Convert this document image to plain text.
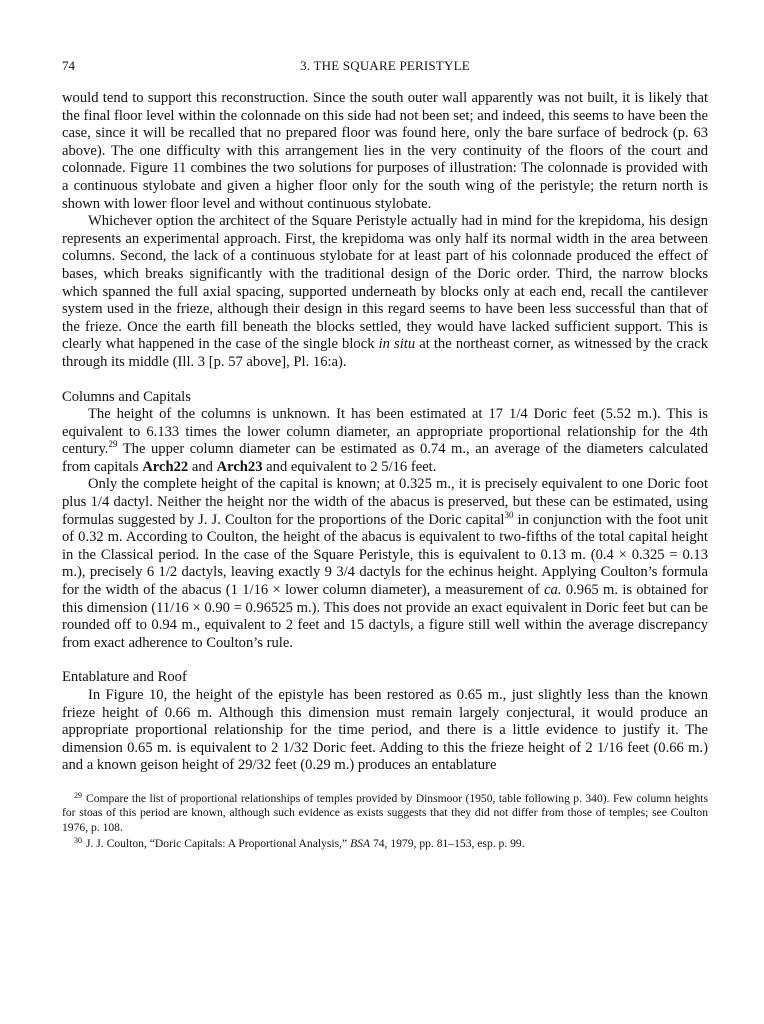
74	3. THE SQUARE PERISTYLE

would tend to support this reconstruction. Since the south outer wall apparently was not built, it is likely that the final floor level within the colonnade on this side had not been set; and indeed, this seems to have been the case, since it will be recalled that no prepared floor was found here, only the bare surface of bedrock (p. 63 above). The one difficulty with this arrangement lies in the very continuity of the floors of the court and colonnade. Figure 11 combines the two solutions for purposes of illustration: The colonnade is provided with a continuous stylobate and given a higher floor only for the south wing of the peristyle; the return north is shown with lower floor level and without continuous stylobate.

Whichever option the architect of the Square Peristyle actually had in mind for the krepidoma, his design represents an experimental approach. First, the krepidoma was only half its normal width in the area between columns. Second, the lack of a continuous stylobate for at least part of his colonnade produced the effect of bases, which breaks significantly with the traditional design of the Doric order. Third, the narrow blocks which spanned the full axial spacing, supported underneath by blocks only at each end, recall the cantilever system used in the frieze, although their design in this regard seems to have been less successful than that of the frieze. Once the earth fill beneath the blocks settled, they would have lacked sufficient support. This is clearly what happened in the case of the single block in situ at the northeast corner, as witnessed by the crack through its middle (Ill. 3 [p. 57 above], Pl. 16:a).

Columns and Capitals

The height of the columns is unknown. It has been estimated at 17 1/4 Doric feet (5.52 m.). This is equivalent to 6.133 times the lower column diameter, an appropriate proportional relationship for the 4th century.$^{29}$ The upper column diameter can be estimated as 0.74 m., an average of the diameters calculated from capitals Arch22 and Arch23 and equivalent to 2 5/16 feet.

Only the complete height of the capital is known; at 0.325 m., it is precisely equivalent to one Doric foot plus 1/4 dactyl. Neither the height nor the width of the abacus is preserved, but these can be estimated, using formulas suggested by J. J. Coulton for the proportions of the Doric capital$^{30}$ in conjunction with the foot unit of 0.32 m. According to Coulton, the height of the abacus is equivalent to two-fifths of the total capital height in the Classical period. In the case of the Square Peristyle, this is equivalent to 0.13 m. (0.4 × 0.325 = 0.13 m.), precisely 6 1/2 dactyls, leaving exactly 9 3/4 dactyls for the echinus height. Applying Coulton’s formula for the width of the abacus (1 1/16 × lower column diameter), a measurement of ca. 0.965 m. is obtained for this dimension (11/16 × 0.90 = 0.96525 m.). This does not provide an exact equivalent in Doric feet but can be rounded off to 0.94 m., equivalent to 2 feet and 15 dactyls, a figure still well within the average discrepancy from exact adherence to Coulton’s rule.

Entablature and Roof

In Figure 10, the height of the epistyle has been restored as 0.65 m., just slightly less than the known frieze height of 0.66 m. Although this dimension must remain largely conjectural, it would produce an appropriate proportional relationship for the time period, and there is a little evidence to justify it. The dimension 0.65 m. is equivalent to 2 1/32 Doric feet. Adding to this the frieze height of 2 1/16 feet (0.66 m.) and a known geison height of 29/32 feet (0.29 m.) produces an entablature

$^{29}$ Compare the list of proportional relationships of temples provided by Dinsmoor (1950, table following p. 340). Few column heights for stoas of this period are known, although such evidence as exists suggests that they did not differ from those of temples; see Coulton 1976, p. 108.

$^{30}$ J. J. Coulton, “Doric Capitals: A Proportional Analysis,” BSA 74, 1979, pp. 81–153, esp. p. 99.
